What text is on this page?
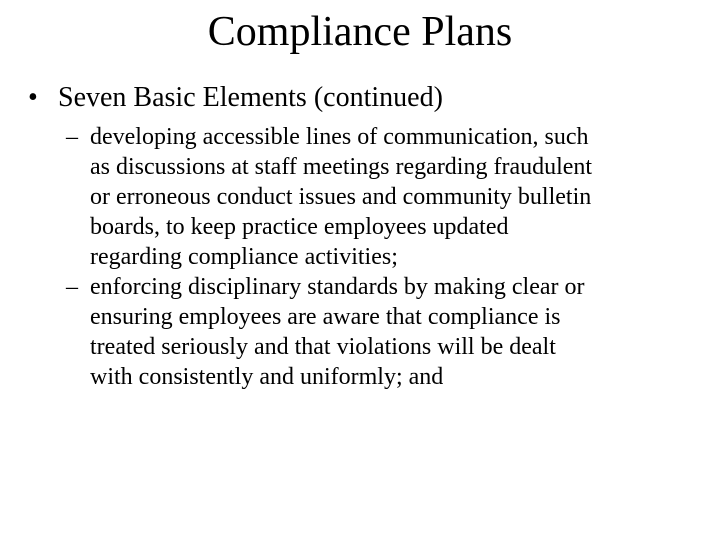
Compliance Plans
• Seven Basic Elements (continued)
– developing accessible lines of communication, such
as discussions at staff meetings regarding fraudulent
or erroneous conduct issues and community bulletin
boards, to keep practice employees updated
regarding compliance activities;
– enforcing disciplinary standards by making clear or
ensuring employees are aware that compliance is
treated seriously and that violations will be dealt
with consistently and uniformly; and
